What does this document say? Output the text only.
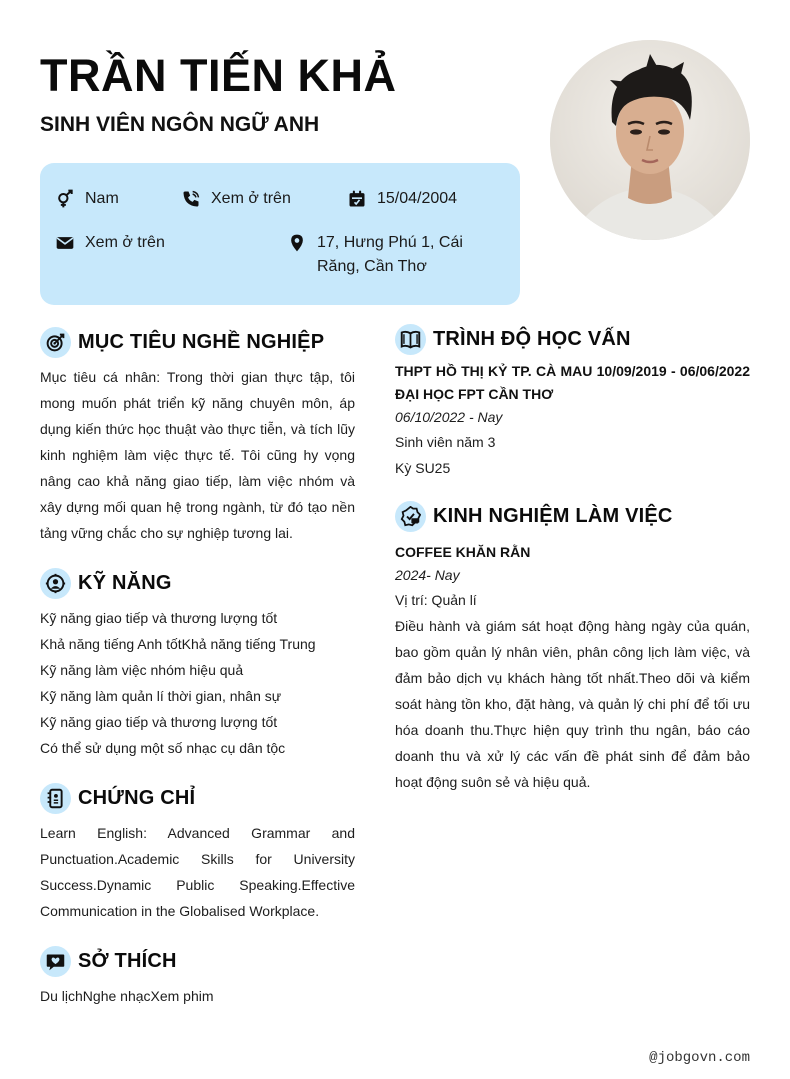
TRẦN TIẾN KHẢ
SINH VIÊN NGÔN NGỮ ANH
Nam	Xem ở trên	15/04/2004
Xem ở trên	17, Hưng Phú 1, Cái Răng, Cần Thơ
MỤC TIÊU NGHỀ NGHIỆP
Mục tiêu cá nhân: Trong thời gian thực tập, tôi mong muốn phát triển kỹ năng chuyên môn, áp dụng kiến thức học thuật vào thực tiễn, và tích lũy kinh nghiệm làm việc thực tế. Tôi cũng hy vọng nâng cao khả năng giao tiếp, làm việc nhóm và xây dựng mối quan hệ trong ngành, từ đó tạo nền tảng vững chắc cho sự nghiệp tương lai.
KỸ NĂNG
Kỹ năng giao tiếp và thương lượng tốt
Khả năng tiếng Anh tốtKhả năng tiếng Trung
Kỹ năng làm việc nhóm hiệu quả
Kỹ năng làm quản lí thời gian, nhân sự
Kỹ năng giao tiếp và thương lượng tốt
Có thể sử dụng một số nhạc cụ dân tộc
CHỨNG CHỈ
Learn English: Advanced Grammar and Punctuation.Academic Skills for University Success.Dynamic Public Speaking.Effective Communication in the Globalised Workplace.
SỞ THÍCH
Du lịchNghe nhạcXem phim
TRÌNH ĐỘ HỌC VẤN
THPT HỒ THỊ KỶ TP. CÀ MAU 10/09/2019 - 06/06/2022 ĐẠI HỌC FPT CẦN THƠ
06/10/2022 - Nay
Sinh viên năm 3
Kỳ SU25
KINH NGHIỆM LÀM VIỆC
COFFEE KHĂN RẰN
2024- Nay
Vị trí: Quản lí
Điều hành và giám sát hoạt động hàng ngày của quán, bao gồm quản lý nhân viên, phân công lịch làm việc, và đảm bảo dịch vụ khách hàng tốt nhất.Theo dõi và kiểm soát hàng tồn kho, đặt hàng, và quản lý chi phí để tối ưu hóa doanh thu.Thực hiện quy trình thu ngân, báo cáo doanh thu và xử lý các vấn đề phát sinh để đảm bảo hoạt động suôn sẻ và hiệu quả.
@jobgovn.com
